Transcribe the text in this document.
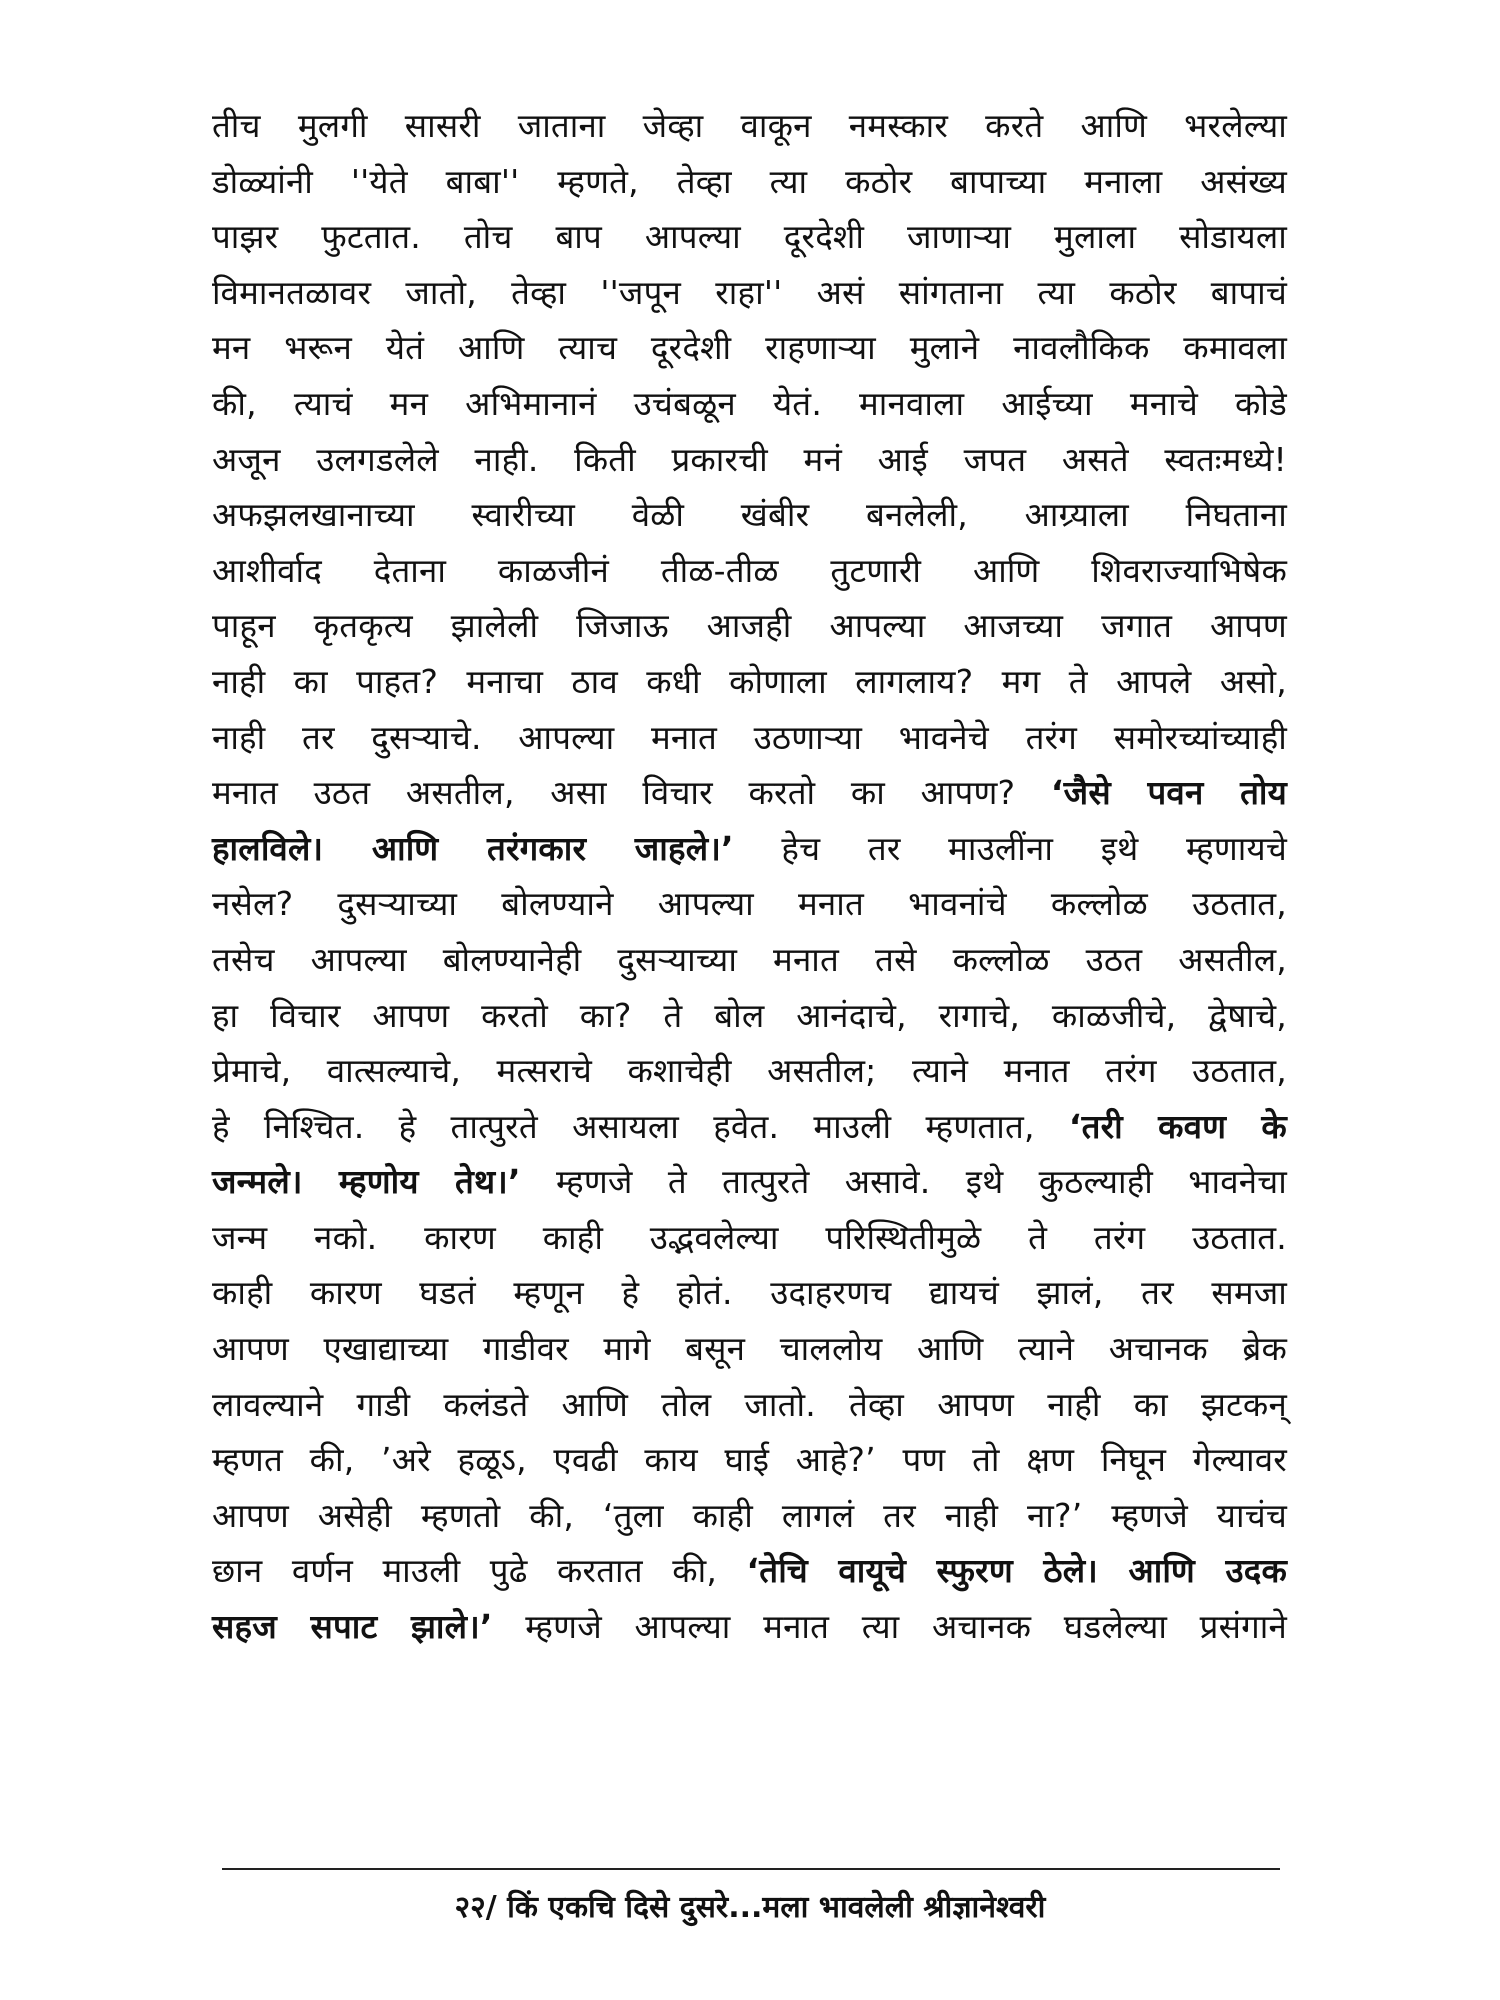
तीच मुलगी सासरी जाताना जेव्हा वाकून नमस्कार करते आणि भरलेल्या
डोळ्यांनी ''येते बाबा'' म्हणते, तेव्हा त्या कठोर बापाच्या मनाला असंख्य
पाझर फुटतात. तोच बाप आपल्या दूरदेशी जाणाऱ्या मुलाला सोडायला
विमानतळावर जातो, तेव्हा ''जपून राहा'' असं सांगताना त्या कठोर बापाचं
मन भरून येतं आणि त्याच दूरदेशी राहणाऱ्या मुलाने नावलौकिक कमावला
की, त्याचं मन अभिमानानं उचंबळून येतं. मानवाला आईच्या मनाचे कोडे
अजून उलगडलेले नाही. किती प्रकारची मनं आई जपत असते स्वतःमध्ये!
अफझलखानाच्या स्वारीच्या वेळी खंबीर बनलेली, आग्र्याला निघताना
आशीर्वाद देताना काळजीनं तीळ-तीळ तुटणारी आणि शिवराज्याभिषेक
पाहून कृतकृत्य झालेली जिजाऊ आजही आपल्या आजच्या जगात आपण
नाही का पाहत? मनाचा ठाव कधी कोणाला लागलाय? मग ते आपले असो,
नाही तर दुसऱ्याचे. आपल्या मनात उठणाऱ्या भावनेचे तरंग समोरच्यांच्याही
मनात उठत असतील, असा विचार करतो का आपण? ‘जैसे पवन तोय
हालविले। आणि तरंगकार जाहले।’ हेच तर माउलींना इथे म्हणायचे
नसेल? दुसऱ्याच्या बोलण्याने आपल्या मनात भावनांचे कल्लोळ उठतात,
तसेच आपल्या बोलण्यानेही दुसऱ्याच्या मनात तसे कल्लोळ उठत असतील,
हा विचार आपण करतो का? ते बोल आनंदाचे, रागाचे, काळजीचे, द्वेषाचे,
प्रेमाचे, वात्सल्याचे, मत्सराचे कशाचेही असतील; त्याने मनात तरंग उठतात,
हे निश्चित. हे तात्पुरते असायला हवेत. माउली म्हणतात, ‘तरी कवण के
जन्मले। म्हणोय तेथ।’ म्हणजे ते तात्पुरते असावे. इथे कुठल्याही भावनेचा
जन्म नको. कारण काही उद्भवलेल्या परिस्थितीमुळे ते तरंग उठतात.
काही कारण घडतं म्हणून हे होतं. उदाहरणच द्यायचं झालं, तर समजा
आपण एखाद्याच्या गाडीवर मागे बसून चाललोय आणि त्याने अचानक ब्रेक
लावल्याने गाडी कलंडते आणि तोल जातो. तेव्हा आपण नाही का झटकन्
म्हणत की, ’अरे हळूऽ, एवढी काय घाई आहे?’ पण तो क्षण निघून गेल्यावर
आपण असेही म्हणतो की, ‘तुला काही लागलं तर नाही ना?’ म्हणजे याचंच
छान वर्णन माउली पुढे करतात की, ‘तेचि वायूचे स्फुरण ठेले। आणि उदक
सहज सपाट झाले।’ म्हणजे आपल्या मनात त्या अचानक घडलेल्या प्रसंगाने
२२/ किं एकचि दिसे दुसरे...मला भावलेली श्रीज्ञानेश्वरी
